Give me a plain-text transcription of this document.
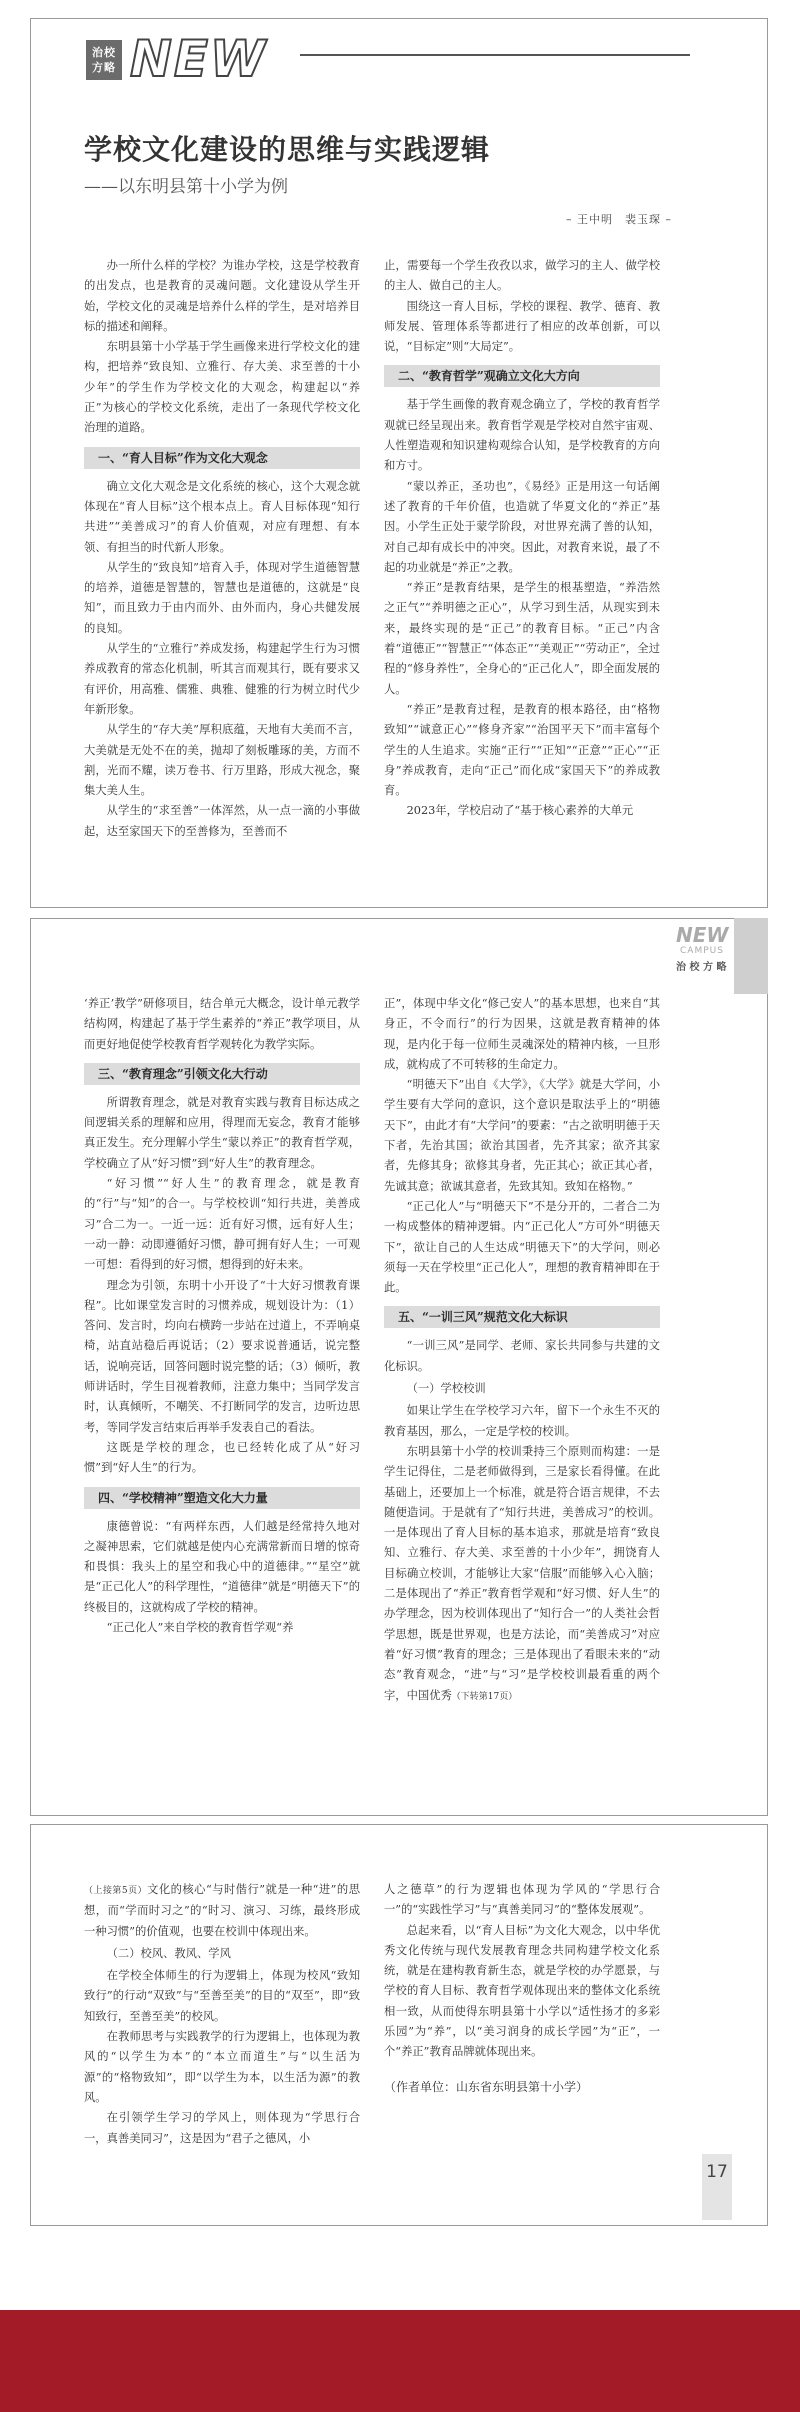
治校
方略 NEW
学校文化建设的思维与实践逻辑
——以东明县第十小学为例
– 王中明　裴玉琛 –

办一所什么样的学校？为谁办学校，这是学校教育的出发点，也是教育的灵魂问题。文化建设从学生开始，学校文化的灵魂是培养什么样的学生，是对培养目标的描述和阐释。

东明县第十小学基于学生画像来进行学校文化的建构，把培养“致良知、立雅行、存大美、求至善的十小少年”的学生作为学校文化的大观念，构建起以“养正”为核心的学校文化系统，走出了一条现代学校文化治理的道路。

一、“育人目标”作为文化大观念

确立文化大观念是文化系统的核心，这个大观念就体现在“育人目标”这个根本点上。育人目标体现“知行共进”“美善成习”的育人价值观，对应有理想、有本领、有担当的时代新人形象。

从学生的“致良知”培育入手，体现对学生道德智慧的培养，道德是智慧的，智慧也是道德的，这就是“良知”，而且致力于由内而外、由外而内，身心共健发展的良知。

从学生的“立雅行”养成发扬，构建起学生行为习惯养成教育的常态化机制，听其言而观其行，既有要求又有评价，用高雅、儒雅、典雅、健雅的行为树立时代少年新形象。

从学生的“存大美”厚积底蕴，天地有大美而不言，大美就是无处不在的美，抛却了刻板雕琢的美，方而不割，光而不耀，读万卷书、行万里路，形成大视念，聚集大美人生。

从学生的“求至善”一体浑然，从一点一滴的小事做起，达至家国天下的至善修为，至善而不

止，需要每一个学生孜孜以求，做学习的主人、做学校的主人、做自己的主人。

围绕这一育人目标，学校的课程、教学、德育、教师发展、管理体系等都进行了相应的改革创新，可以说，“目标定”则“大局定”。

二、“教育哲学”观确立文化大方向

基于学生画像的教育观念确立了，学校的教育哲学观就已经呈现出来。教育哲学观是学校对自然宇宙观、人性塑造观和知识建构观综合认知，是学校教育的方向和方寸。

“蒙以养正，圣功也”，《易经》正是用这一句话阐述了教育的千年价值，也造就了华夏文化的“养正”基因。小学生正处于蒙学阶段，对世界充满了善的认知，对自己却有成长中的冲突。因此，对教育来说，最了不起的功业就是“养正”之教。

“养正”是教育结果，是学生的根基塑造，“养浩然之正气”“养明德之正心”，从学习到生活，从现实到未来，最终实现的是“正己”的教育目标。“正己”内含着“道德正”“智慧正”“体态正”“美观正”“劳动正”，全过程的“修身养性”，全身心的“正己化人”，即全面发展的人。

“养正”是教育过程，是教育的根本路径，由“格物致知”“诚意正心”“修身齐家”“治国平天下”而丰富每个学生的人生追求。实施“正行”“正知”“正意”“正心”“正身”养成教育，走向“正己”而化成“家国天下”的养成教育。

2023年，学校启动了“基于核心素养的大单元

NEW
CAMPUS
治 校 方 略

‘养正’教学”研修项目，结合单元大概念，设计单元教学结构网，构建起了基于学生素养的“养正”教学项目，从而更好地促使学校教育哲学观转化为教学实际。

三、“教育理念”引领文化大行动

所谓教育理念，就是对教育实践与教育目标达成之间逻辑关系的理解和应用，得理而无妄念，教育才能够真正发生。充分理解小学生“蒙以养正”的教育哲学观，学校确立了从“好习惯”到“好人生”的教育理念。

“好习惯”“好人生”的教育理念，就是教育的“行”与“知”的合一。与学校校训“知行共进，美善成习”合二为一。一近一远：近有好习惯，远有好人生；一动一静：动即遵循好习惯，静可拥有好人生；一可观一可想：看得到的好习惯，想得到的好未来。

理念为引领，东明十小开设了“十大好习惯教育课程”。比如课堂发言时的习惯养成，规划设计为：（1）答问、发言时，均向右横跨一步站在过道上，不弄响桌椅，站直站稳后再说话；（2）要求说普通话，说完整话，说响亮话，回答问题时说完整的话；（3）倾听，教师讲话时，学生目视着教师，注意力集中；当同学发言时，认真倾听，不嘲笑、不打断同学的发言，边听边思考，等同学发言结束后再举手发表自己的看法。

这既是学校的理念，也已经转化成了从“好习惯”到“好人生”的行为。

四、“学校精神”塑造文化大力量

康德曾说：“有两样东西，人们越是经常持久地对之凝神思索，它们就越是使内心充满常新而日增的惊奇和畏惧：我头上的星空和我心中的道德律。”“星空”就是“正己化人”的科学理性，“道德律”就是“明德天下”的终极目的，这就构成了学校的精神。

“正己化人”来自学校的教育哲学观“养

正”，体现中华文化“修己安人”的基本思想，也来自“其身正，不令而行”的行为因果，这就是教育精神的体现，是内化于每一位师生灵魂深处的精神内核，一旦形成，就构成了不可转移的生命定力。

“明德天下”出自《大学》，《大学》就是大学问，小学生要有大学问的意识，这个意识是取法乎上的“明德天下”，由此才有“大学问”的要素：“古之欲明明德于天下者，先治其国；欲治其国者，先齐其家；欲齐其家者，先修其身；欲修其身者，先正其心；欲正其心者，先诚其意；欲诚其意者，先致其知。致知在格物。”

“正己化人”与“明德天下”不是分开的，二者合二为一构成整体的精神逻辑。内“正己化人”方可外“明德天下”，欲让自己的人生达成“明德天下”的大学问，则必须每一天在学校里“正己化人”，理想的教育精神即在于此。

五、“一训三风”规范文化大标识

“一训三风”是同学、老师、家长共同参与共建的文化标识。

（一）学校校训

如果让学生在学校学习六年，留下一个永生不灭的教育基因，那么，一定是学校的校训。

东明县第十小学的校训秉持三个原则而构建：一是学生记得住，二是老师做得到，三是家长看得懂。在此基础上，还要加上一个标准，就是符合语言规律，不去随便造词。于是就有了“知行共进，美善成习”的校训。一是体现出了育人目标的基本追求，那就是培育“致良知、立雅行、存大美、求至善的十小少年”，拥饶育人目标确立校训，才能够让大家“信服”而能够入心入脑；二是体现出了“养正”教育哲学观和“好习惯、好人生”的办学理念，因为校训体现出了“知行合一”的人类社会哲学思想，既是世界观，也是方法论，而“美善成习”对应着“好习惯”教育的理念；三是体现出了看眼未来的“动态”教育观念，“进”与“习”是学校校训最看重的两个字，中国优秀（下转第17页）

（上接第5页）文化的核心“与时偕行”就是一种“进”的思想，而“学而时习之”的“时习、演习、习练，最终形成一种习惯”的价值观，也要在校训中体现出来。

（二）校风、教风、学风

在学校全体师生的行为逻辑上，体现为校风“致知致行”的行动“双致”与“至善至美”的目的“双至”，即“致知致行，至善至美”的校风。

在教师思考与实践教学的行为逻辑上，也体现为教风的“以学生为本”的“本立而道生”与“以生活为源”的“格物致知”，即“以学生为本，以生活为源”的教风。

在引领学生学习的学风上，则体现为“学思行合一，真善美同习”，这是因为“君子之德风，小

人之德草”的行为逻辑也体现为学风的“学思行合一”的“实践性学习”与“真善美同习”的“整体发展观”。

总起来看，以“育人目标”为文化大观念，以中华优秀文化传统与现代发展教育理念共同构建学校文化系统，就是在建构教育新生态，就是学校的办学愿景，与学校的育人目标、教育哲学观体现出来的整体文化系统相一致，从而使得东明县第十小学以“适性扬才的多彩乐园”为“养”，以“美习润身的成长学园”为“正”，一个“养正”教育品牌就体现出来。

（作者单位：山东省东明县第十小学）

17
